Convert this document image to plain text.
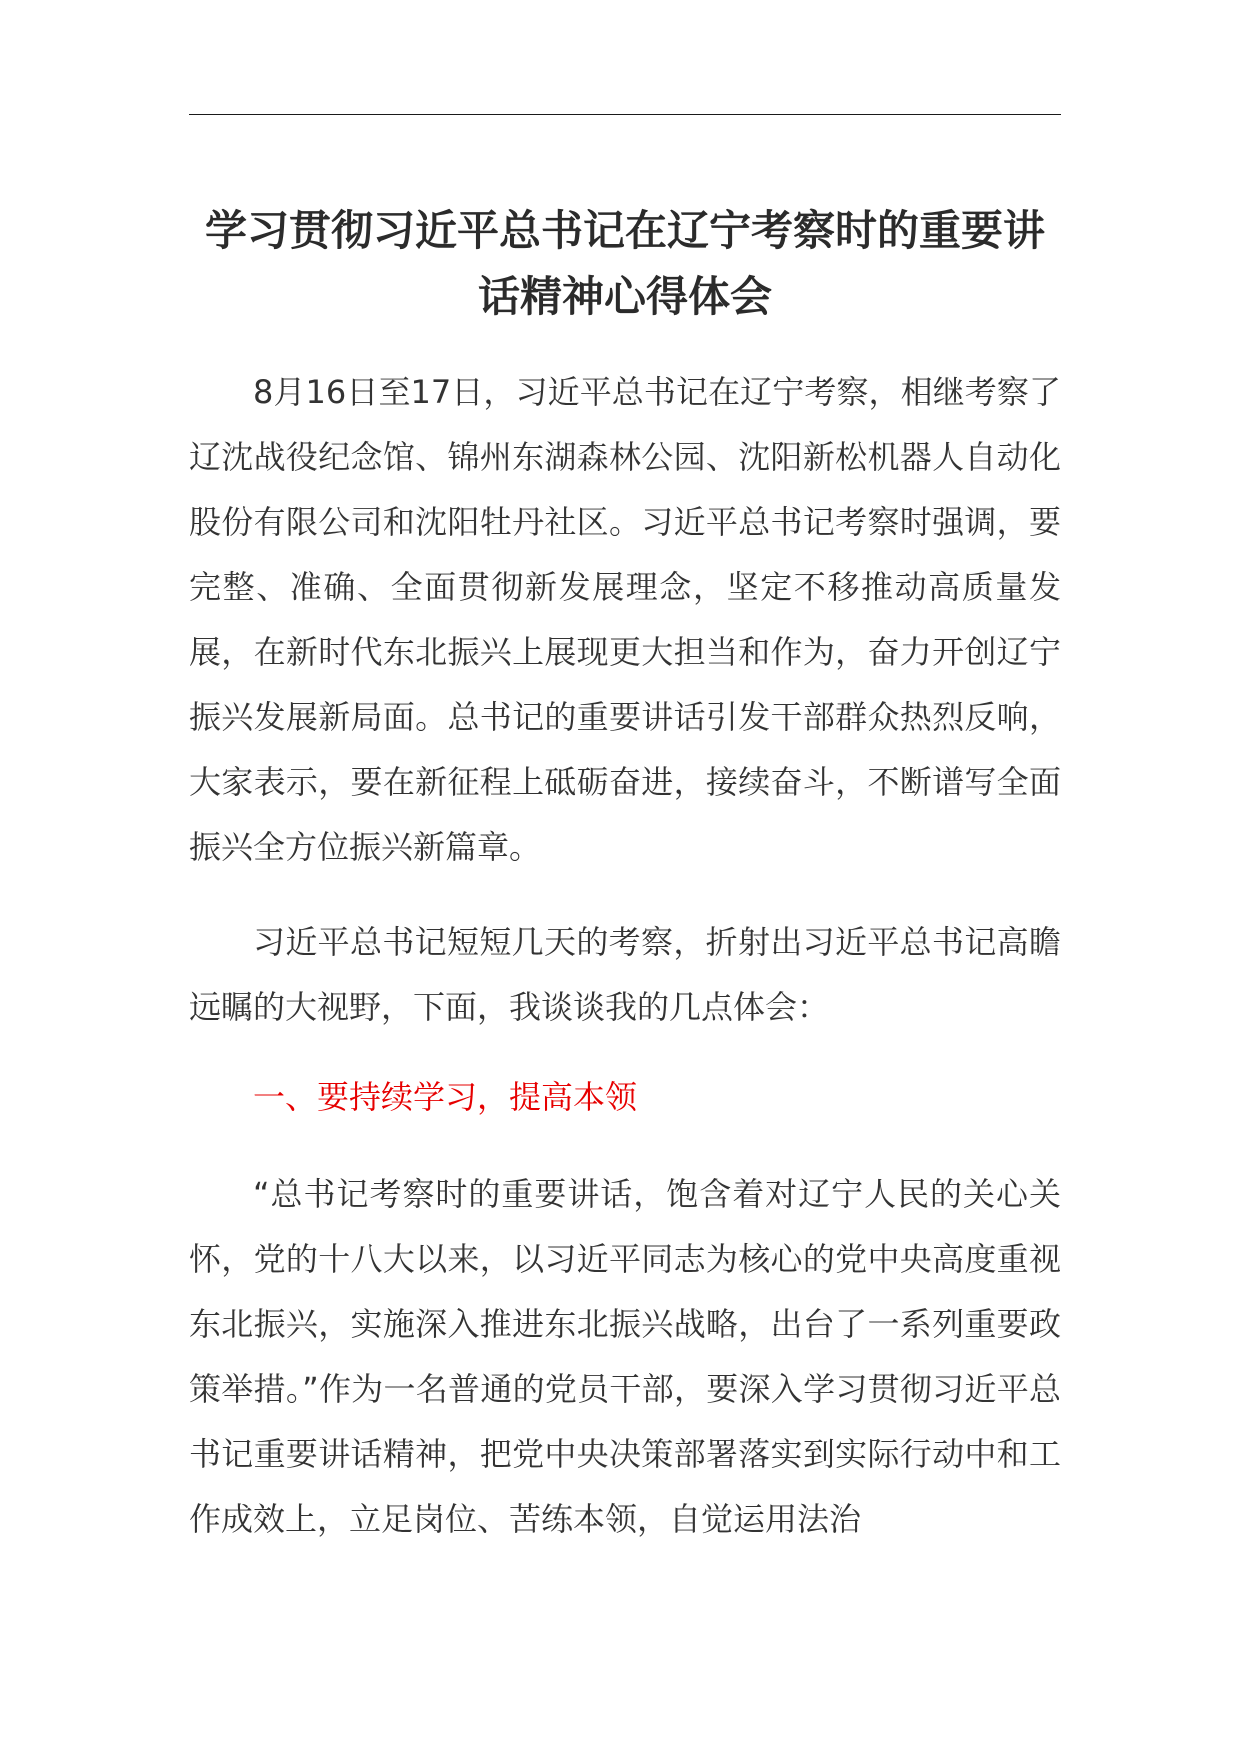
学习贯彻习近平总书记在辽宁考察时的重要讲话精神心得体会

8月16日至17日，习近平总书记在辽宁考察，相继考察了辽沈战役纪念馆、锦州东湖森林公园、沈阳新松机器人自动化股份有限公司和沈阳牡丹社区。习近平总书记考察时强调，要完整、准确、全面贯彻新发展理念，坚定不移推动高质量发展，在新时代东北振兴上展现更大担当和作为，奋力开创辽宁振兴发展新局面。总书记的重要讲话引发干部群众热烈反响，大家表示，要在新征程上砥砺奋进，接续奋斗，不断谱写全面振兴全方位振兴新篇章。

习近平总书记短短几天的考察，折射出习近平总书记高瞻远瞩的大视野，下面，我谈谈我的几点体会：

一、要持续学习，提高本领

“总书记考察时的重要讲话，饱含着对辽宁人民的关心关怀，党的十八大以来，以习近平同志为核心的党中央高度重视东北振兴，实施深入推进东北振兴战略，出台了一系列重要政策举措。”作为一名普通的党员干部，要深入学习贯彻习近平总书记重要讲话精神，把党中央决策部署落实到实际行动中和工作成效上，立足岗位、苦练本领，自觉运用法治
